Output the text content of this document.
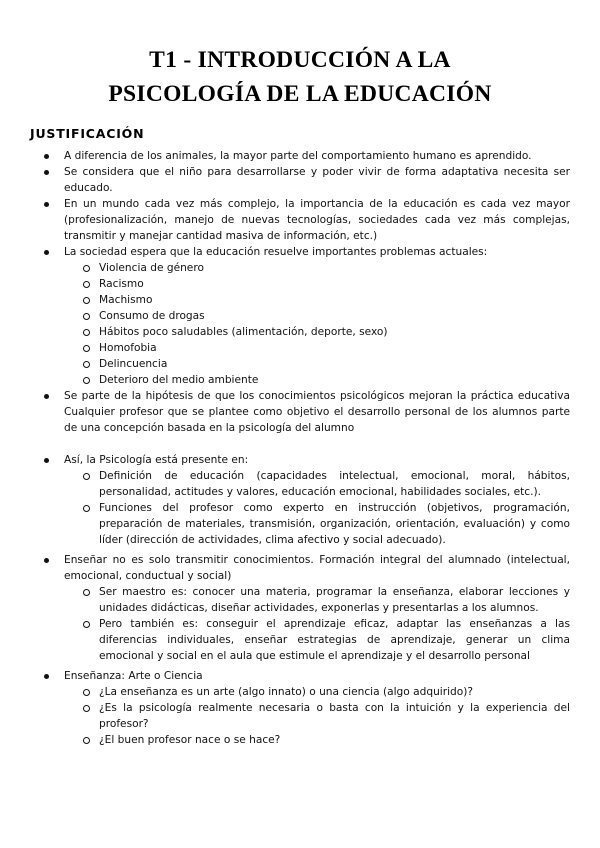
T1 - INTRODUCCIÓN A LA
PSICOLOGÍA DE LA EDUCACIÓN
JUSTIFICACIÓN
A diferencia de los animales, la mayor parte del comportamiento humano es aprendido.
Se considera que el niño para desarrollarse y poder vivir de forma adaptativa necesita ser educado.
En un mundo cada vez más complejo, la importancia de la educación es cada vez mayor (profesionalización, manejo de nuevas tecnologías, sociedades cada vez más complejas, transmitir y manejar cantidad masiva de información, etc.)
La sociedad espera que la educación resuelve importantes problemas actuales:
Violencia de género
Racismo
Machismo
Consumo de drogas
Hábitos poco saludables (alimentación, deporte, sexo)
Homofobia
Delincuencia
Deterioro del medio ambiente
Se parte de la hipótesis de que los conocimientos psicológicos mejoran la práctica educativa Cualquier profesor que se plantee como objetivo el desarrollo personal de los alumnos parte de una concepción basada en la psicología del alumno
Así, la Psicología está presente en:
Definición de educación (capacidades intelectual, emocional, moral, hábitos, personalidad, actitudes y valores, educación emocional, habilidades sociales, etc.).
Funciones del profesor como experto en instrucción (objetivos, programación, preparación de materiales, transmisión, organización, orientación, evaluación) y como líder (dirección de actividades, clima afectivo y social adecuado).
Enseñar no es solo transmitir conocimientos. Formación integral del alumnado (intelectual, emocional, conductual y social)
Ser maestro es: conocer una materia, programar la enseñanza, elaborar lecciones y unidades didácticas, diseñar actividades, exponerlas y presentarlas a los alumnos.
Pero también es: conseguir el aprendizaje eficaz, adaptar las enseñanzas a las diferencias individuales, enseñar estrategias de aprendizaje, generar un clima emocional y social en el aula que estimule el aprendizaje y el desarrollo personal
Enseñanza: Arte o Ciencia
¿La enseñanza es un arte (algo innato) o una ciencia (algo adquirido)?
¿Es la psicología realmente necesaria o basta con la intuición y la experiencia del profesor?
¿El buen profesor nace o se hace?
